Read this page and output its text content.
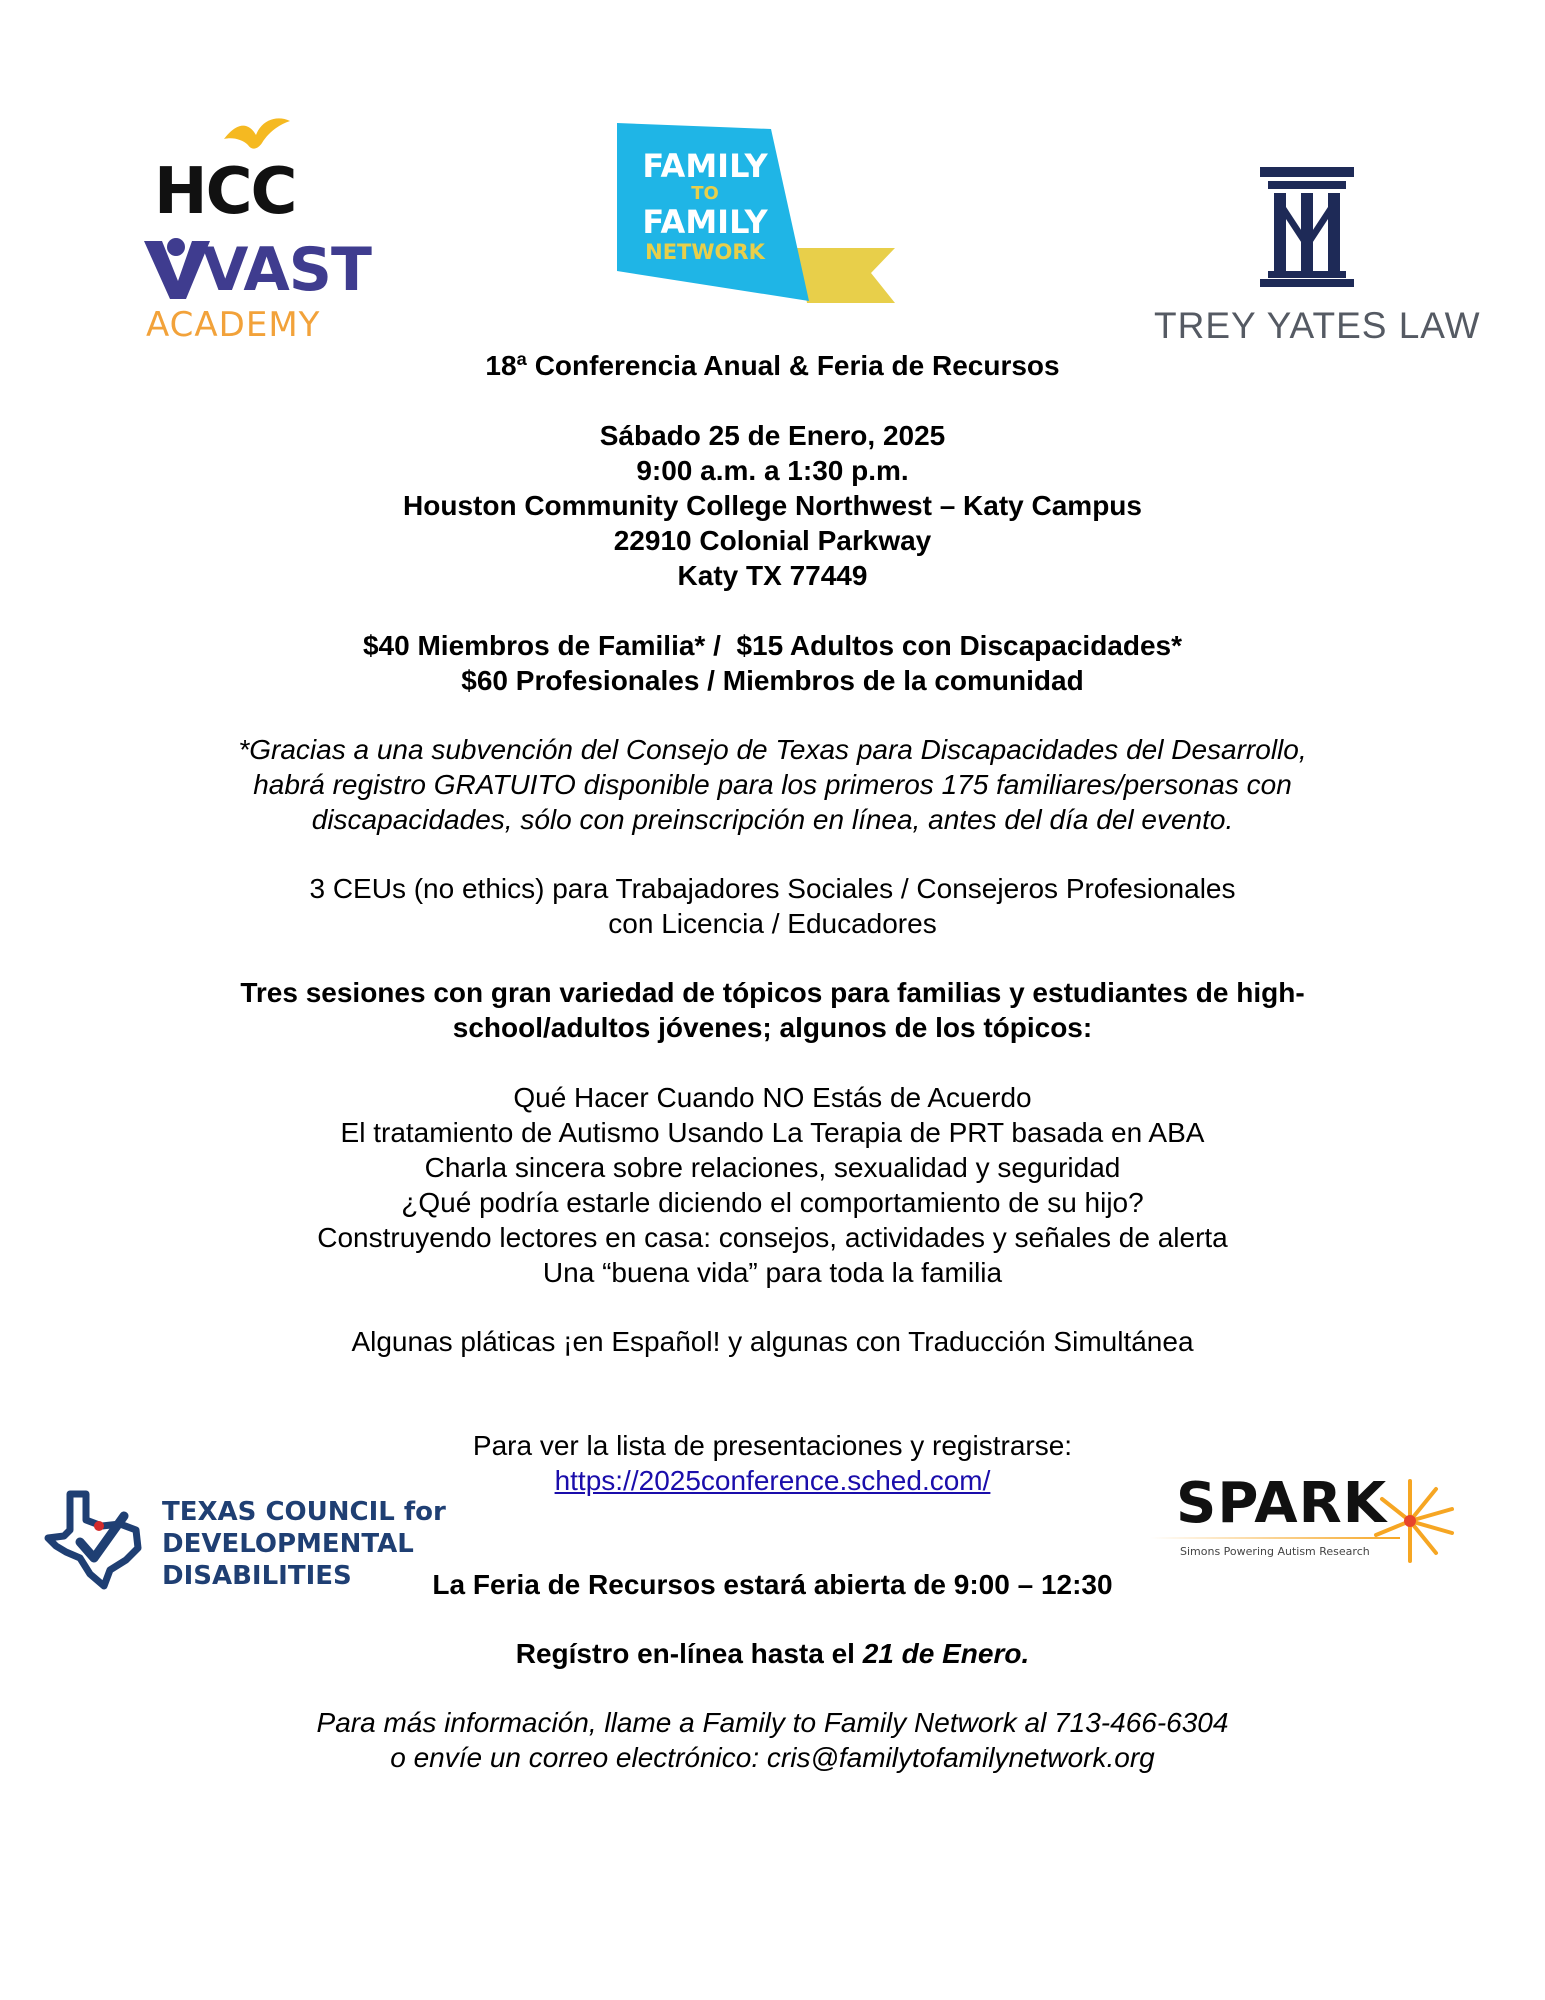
HCC
VAST
ACADEMY
FAMILY
TO
FAMILY
NETWORK
TREY YATES LAW

18ª Conferencia Anual & Feria de Recursos

Sábado 25 de Enero, 2025

9:00 a.m. a 1:30 p.m.

Houston Community College Northwest – Katy Campus

22910 Colonial Parkway

Katy TX 77449

$40 Miembros de Familia* /  $15 Adultos con Discapacidades*

$60 Profesionales / Miembros de la comunidad

*Gracias a una subvención del Consejo de Texas para Discapacidades del Desarrollo,

habrá registro GRATUITO disponible para los primeros 175 familiares/personas con

discapacidades, sólo con preinscripción en línea, antes del día del evento.

3 CEUs (no ethics) para Trabajadores Sociales / Consejeros Profesionales

con Licencia / Educadores

Tres sesiones con gran variedad de tópicos para familias y estudiantes de high-

school/adultos jóvenes; algunos de los tópicos:

Qué Hacer Cuando NO Estás de Acuerdo

El tratamiento de Autismo Usando La Terapia de PRT basada en ABA

Charla sincera sobre relaciones, sexualidad y seguridad

¿Qué podría estarle diciendo el comportamiento de su hijo?

Construyendo lectores en casa: consejos, actividades y señales de alerta

Una “buena vida” para toda la familia

Algunas pláticas ¡en Español! y algunas con Traducción Simultánea

Para ver la lista de presentaciones y registrarse:

https://2025conference.sched.com/

TEXAS COUNCIL for
DEVELOPMENTAL
DISABILITIES
SPARK
Simons Powering Autism Research

La Feria de Recursos estará abierta de 9:00 – 12:30

Regístro en-línea hasta el 21 de Enero.

Para más información, llame a Family to Family Network al 713-466-6304

o envíe un correo electrónico: cris@familytofamilynetwork.org
